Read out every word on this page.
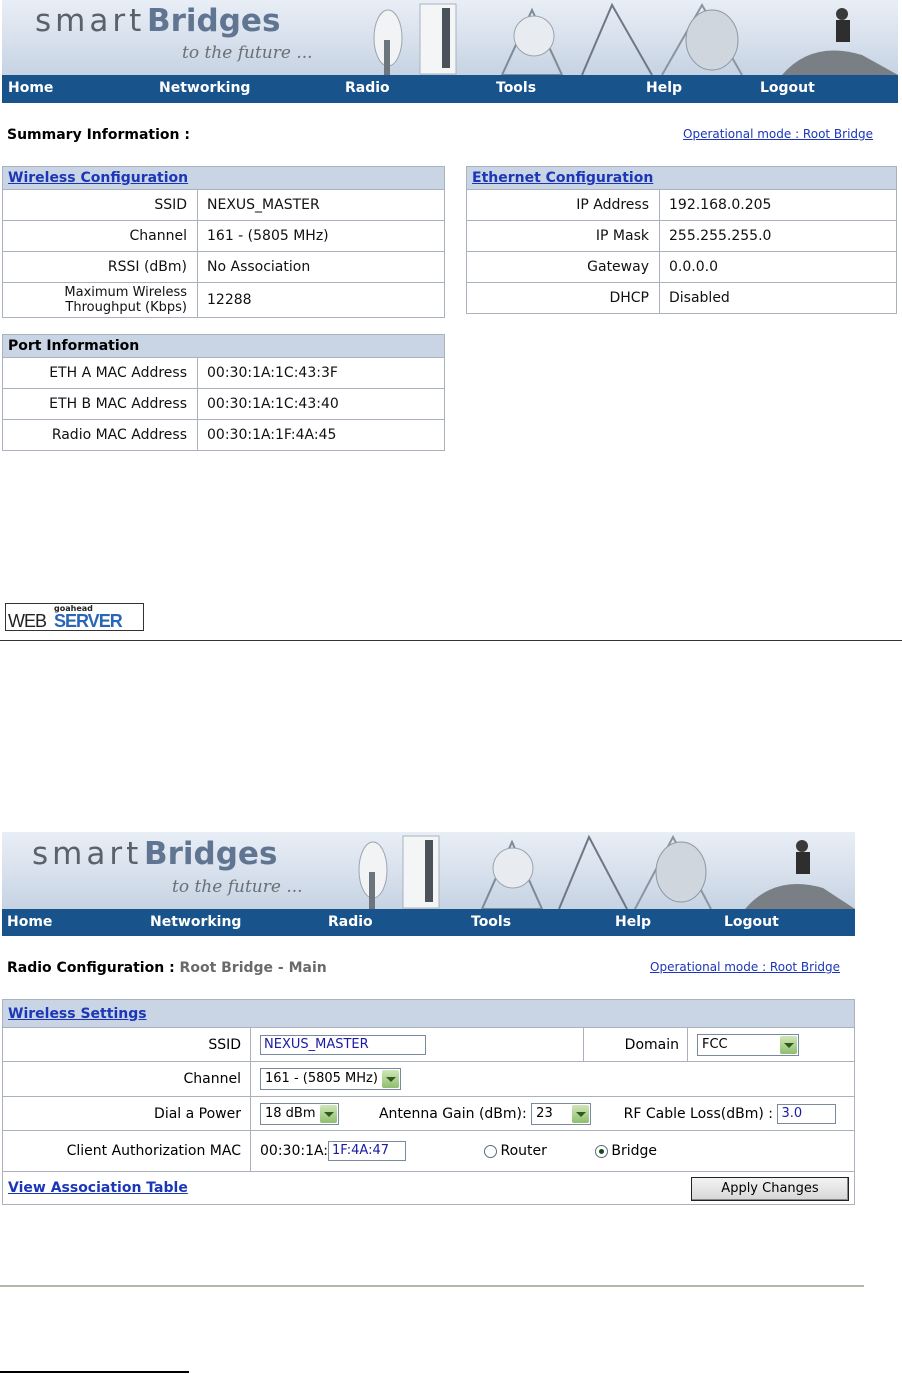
smart Bridges
to the future ...
Home	Networking	Radio	Tools	Help	Logout
Summary Information :	Operational mode : Root Bridge
Wireless Configuration	
SSID	NEXUS_MASTER
Channel	161 - (5805 MHz)
RSSI (dBm)	No Association

Maximum Wireless
Throughput (Kbps)	12288
Ethernet Configuration	
IP Address	192.168.0.205
IP Mask	255.255.255.0
Gateway	0.0.0.0
DHCP	Disabled
Port Information	
ETH A MAC Address	00:30:1A:1C:43:3F
ETH B MAC Address	00:30:1A:1C:43:40
Radio MAC Address	00:30:1A:1F:4A:45
goahead
WEB SERVER
smart Bridges
to the future ...
Home	Networking	Radio	Tools	Help	Logout
Radio Configuration : Root Bridge - Main	Operational mode : Root Bridge
Wireless Settings			
SSID	NEXUS_MASTER	Domain	FCC

Channel	161 - (5805 MHz)		

Dial a Power	18 dBm Antenna Gain (dBm): 23 RF Cable Loss(dBm) : 3.0		
Client Authorization MAC	00:30:1A: 1F:4A:47 Router Bridge		
View Association Table Apply Changes			
